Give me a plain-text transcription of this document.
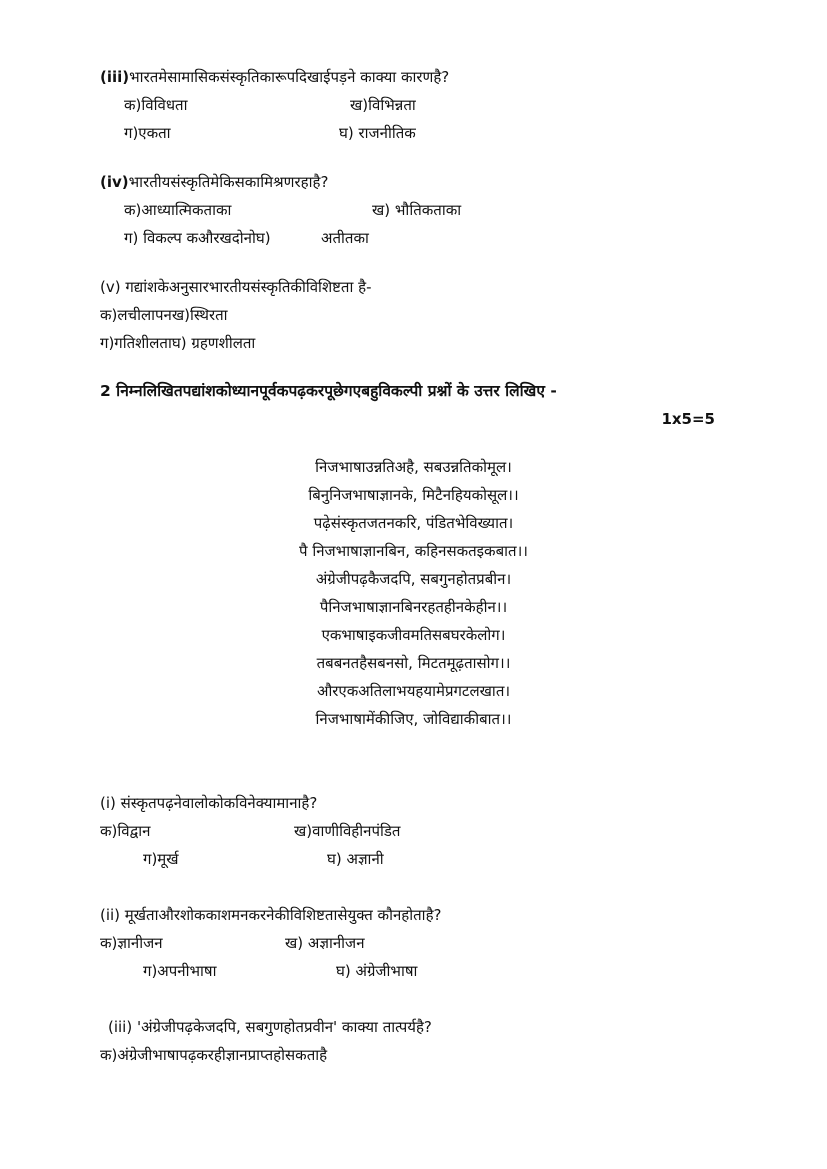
(iii)भारतमेसामासिकसंस्कृतिकारूपदिखाईपड़ने काक्या कारणहै?
क)विविधता	ख)विभिन्नता
ग)एकता	घ) राजनीतिक
(iv)भारतीयसंस्कृतिमेकिसकामिश्रणरहाहै?
क)आध्यात्मिकताका	ख) भौतिकताका
ग) विकल्प कऔरखदोनोघ)	अतीतका
(v) गद्यांशकेअनुसारभारतीयसंस्कृतिकीविशिष्टता है-
क)लचीलापनख)स्थिरता
ग)गतिशीलताघ) ग्रहणशीलता
2 निम्नलिखितपद्यांशकोध्यानपूर्वकपढ़करपूछेगएबहुविकल्पी प्रश्नों के उत्तर लिखिए -
1x5=5
निजभाषाउन्नतिअहै, सबउन्नतिकोमूल।
बिनुनिजभाषाज्ञानके, मिटैनहियकोसूल।।
पढ़ेसंस्कृतजतनकरि, पंडितभेविख्यात।
पै निजभाषाज्ञानबिन, कहिनसकतइकबात।।
अंग्रेजीपढ़कैजदपि, सबगुनहोतप्रबीन।
पैनिजभाषाज्ञानबिनरहतहीनकेहीन।।
एकभाषाइकजीवमतिसबघरकेलोग।
तबबनतहैसबनसो, मिटतमूढ़तासोग।।
औरएकअतिलाभयहयामेप्रगटलखात।
निजभाषामेंकीजिए, जोविद्याकीबात।।
(i) संस्कृतपढ़नेवालोकोकविनेक्यामानाहै?
क)विद्वान	ख)वाणीविहीनपंडित
ग)मूर्ख	घ) अज्ञानी
(ii) मूर्खताऔरशोककाशमनकरनेकीविशिष्टतासेयुक्त कौनहोताहै?
क)ज्ञानीजन	ख) अज्ञानीजन
ग)अपनीभाषा	घ) अंग्रेजीभाषा
(iii) 'अंग्रेजीपढ़केजदपि, सबगुणहोतप्रवीन' काक्या तात्पर्यहै?
क)अंग्रेजीभाषापढ़करहीज्ञानप्राप्तहोसकताहै
